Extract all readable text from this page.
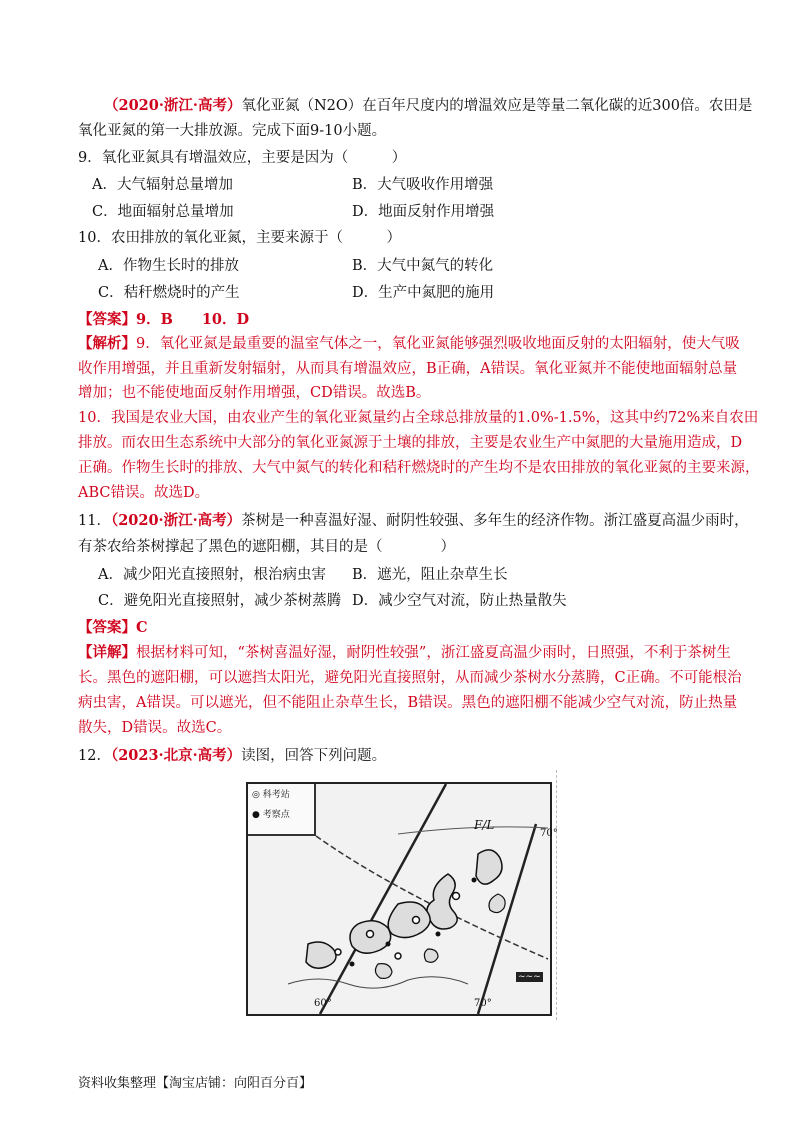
（2020·浙江·高考）氧化亚氮（N2O）在百年尺度内的增温效应是等量二氧化碳的近300倍。农田是
氧化亚氮的第一大排放源。完成下面9-10小题。
9．氧化亚氮具有增温效应，主要是因为（　　　）
A．大气辐射总量增加	B．大气吸收作用增强
C．地面辐射总量增加	D．地面反射作用增强
10．农田排放的氧化亚氮，主要来源于（　　　）
A．作物生长时的排放	B．大气中氮气的转化
C．秸秆燃烧时的产生	D．生产中氮肥的施用
【答案】9．B　　10．D
【解析】9．氧化亚氮是最重要的温室气体之一，氧化亚氮能够强烈吸收地面反射的太阳辐射，使大气吸
收作用增强，并且重新发射辐射，从而具有增温效应，B正确，A错误。氧化亚氮并不能使地面辐射总量
增加；也不能使地面反射作用增强，CD错误。故选B。
10．我国是农业大国，由农业产生的氧化亚氮量约占全球总排放量的1.0%-1.5%，这其中约72%来自农田
排放。而农田生态系统中大部分的氧化亚氮源于土壤的排放，主要是农业生产中氮肥的大量施用造成，D
正确。作物生长时的排放、大气中氮气的转化和秸秆燃烧时的产生均不是农田排放的氧化亚氮的主要来源，
ABC错误。故选D。
11．（2020·浙江·高考）茶树是一种喜温好湿、耐阴性较强、多年生的经济作物。浙江盛夏高温少雨时，
有茶农给茶树撑起了黑色的遮阳棚，其目的是（　　　　）
A．减少阳光直接照射，根治病虫害 B．遮光，阻止杂草生长
C．避免阳光直接照射，减少茶树蒸腾 D．减少空气对流，防止热量散失
【答案】C
【详解】根据材料可知，“茶树喜温好湿，耐阴性较强”，浙江盛夏高温少雨时，日照强，不利于茶树生
长。黑色的遮阳棚，可以遮挡太阳光，避免阳光直接照射，从而减少茶树水分蒸腾，C正确。不可能根治
病虫害，A错误。可以遮光，但不能阻止杂草生长，B错误。黑色的遮阳棚不能减少空气对流，防止热量
散失，D错误。故选C。
12．（2023·北京·高考）读图，回答下列问题。
◎ 科考站
● 考察点
F/L
~~~
60°	70°
70°
资料收集整理【淘宝店铺：向阳百分百】
